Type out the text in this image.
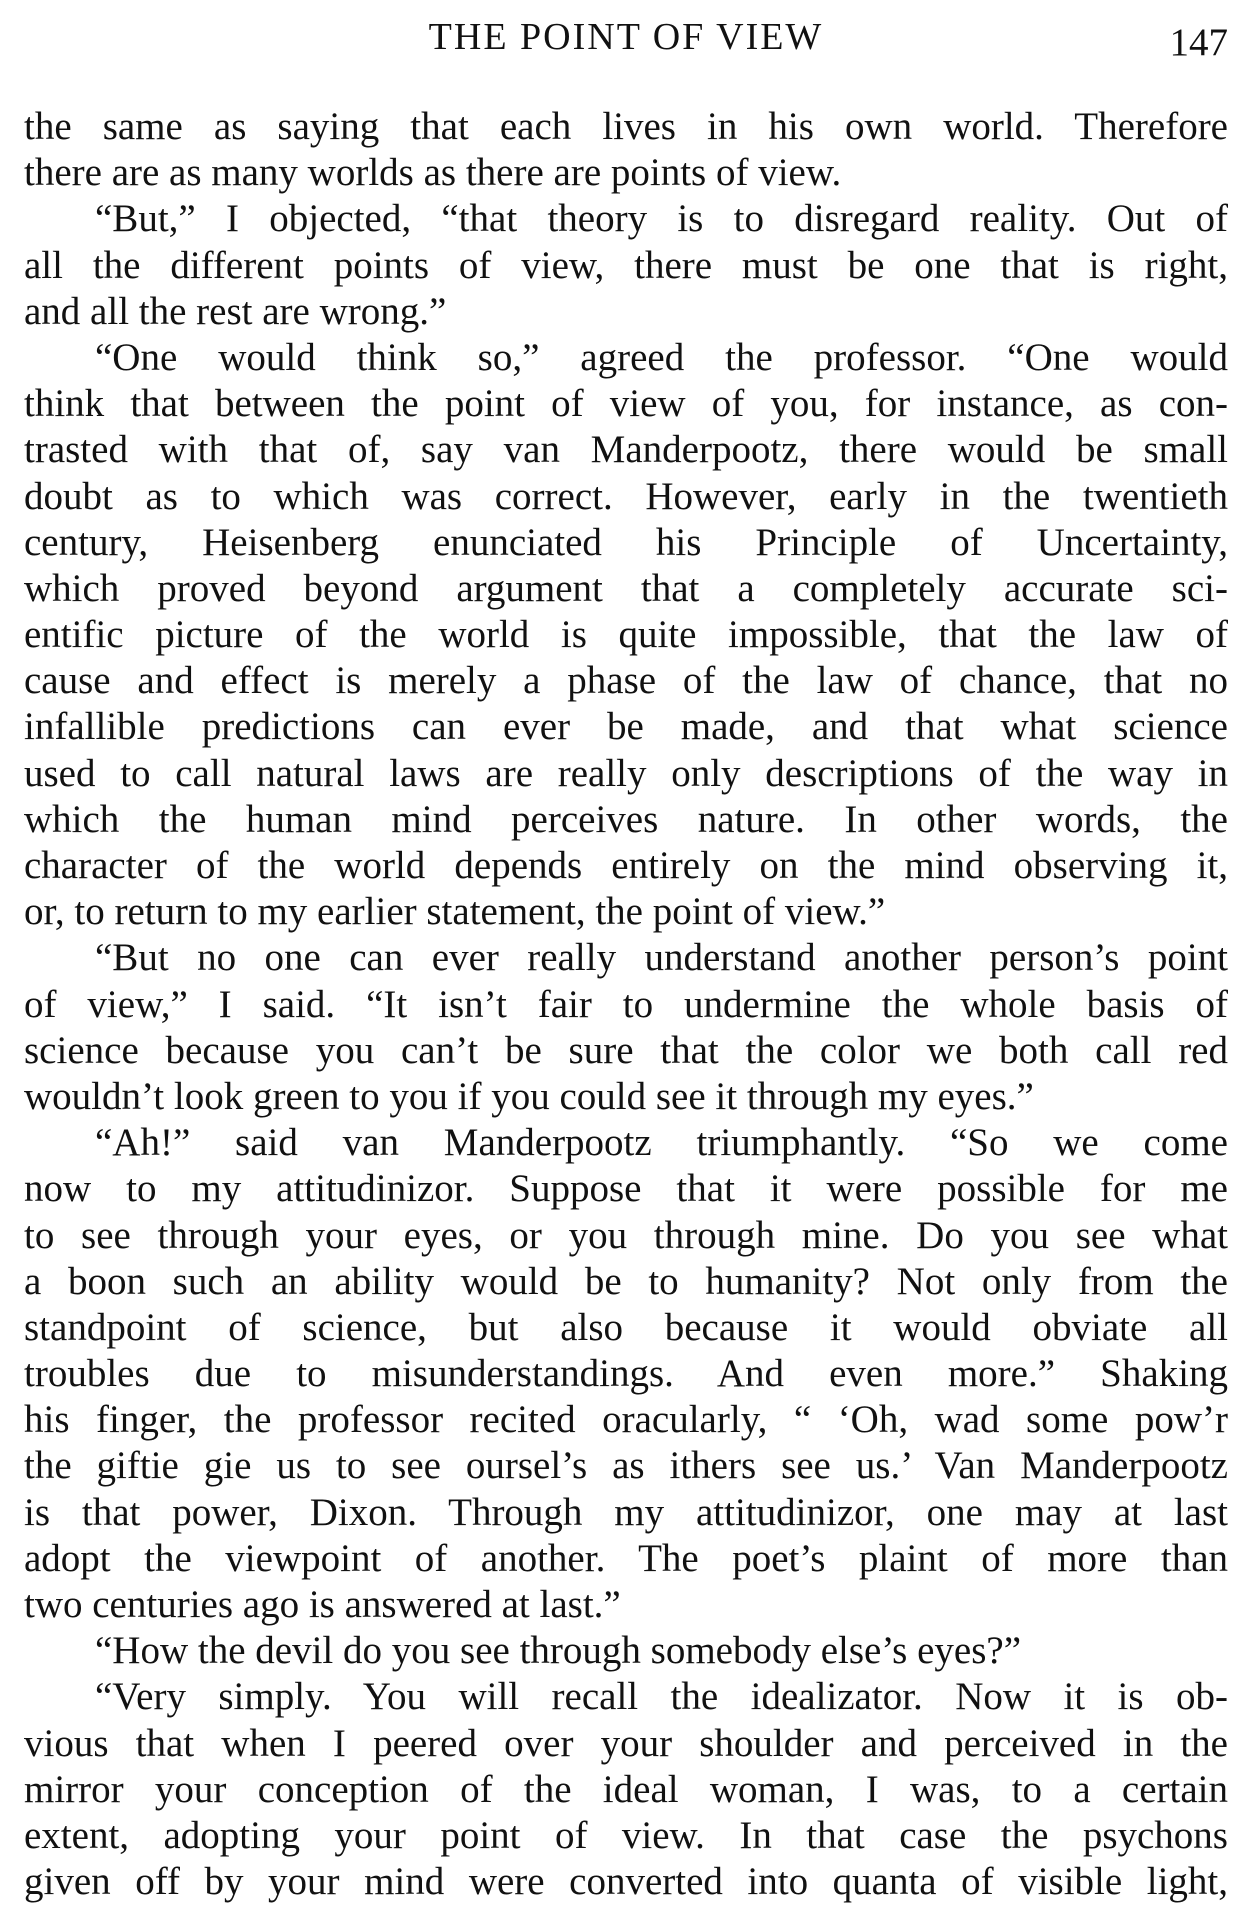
THE POINT OF VIEW	147
the same as saying that each lives in his own world. Therefore
there are as many worlds as there are points of view.
“But,” I objected, “that theory is to disregard reality. Out of
all the different points of view, there must be one that is right,
and all the rest are wrong.”
“One would think so,” agreed the professor. “One would
think that between the point of view of you, for instance, as con-
trasted with that of, say van Manderpootz, there would be small
doubt as to which was correct. However, early in the twentieth
century, Heisenberg enunciated his Principle of Uncertainty,
which proved beyond argument that a completely accurate sci-
entific picture of the world is quite impossible, that the law of
cause and effect is merely a phase of the law of chance, that no
infallible predictions can ever be made, and that what science
used to call natural laws are really only descriptions of the way in
which the human mind perceives nature. In other words, the
character of the world depends entirely on the mind observing it,
or, to return to my earlier statement, the point of view.”
“But no one can ever really understand another person’s point
of view,” I said. “It isn’t fair to undermine the whole basis of
science because you can’t be sure that the color we both call red
wouldn’t look green to you if you could see it through my eyes.”
“Ah!” said van Manderpootz triumphantly. “So we come
now to my attitudinizor. Suppose that it were possible for me
to see through your eyes, or you through mine. Do you see what
a boon such an ability would be to humanity? Not only from the
standpoint of science, but also because it would obviate all
troubles due to misunderstandings. And even more.” Shaking
his finger, the professor recited oracularly, “ ‘Oh, wad some pow’r
the giftie gie us to see oursel’s as ithers see us.’ Van Manderpootz
is that power, Dixon. Through my attitudinizor, one may at last
adopt the viewpoint of another. The poet’s plaint of more than
two centuries ago is answered at last.”
“How the devil do you see through somebody else’s eyes?”
“Very simply. You will recall the idealizator. Now it is ob-
vious that when I peered over your shoulder and perceived in the
mirror your conception of the ideal woman, I was, to a certain
extent, adopting your point of view. In that case the psychons
given off by your mind were converted into quanta of visible light,
